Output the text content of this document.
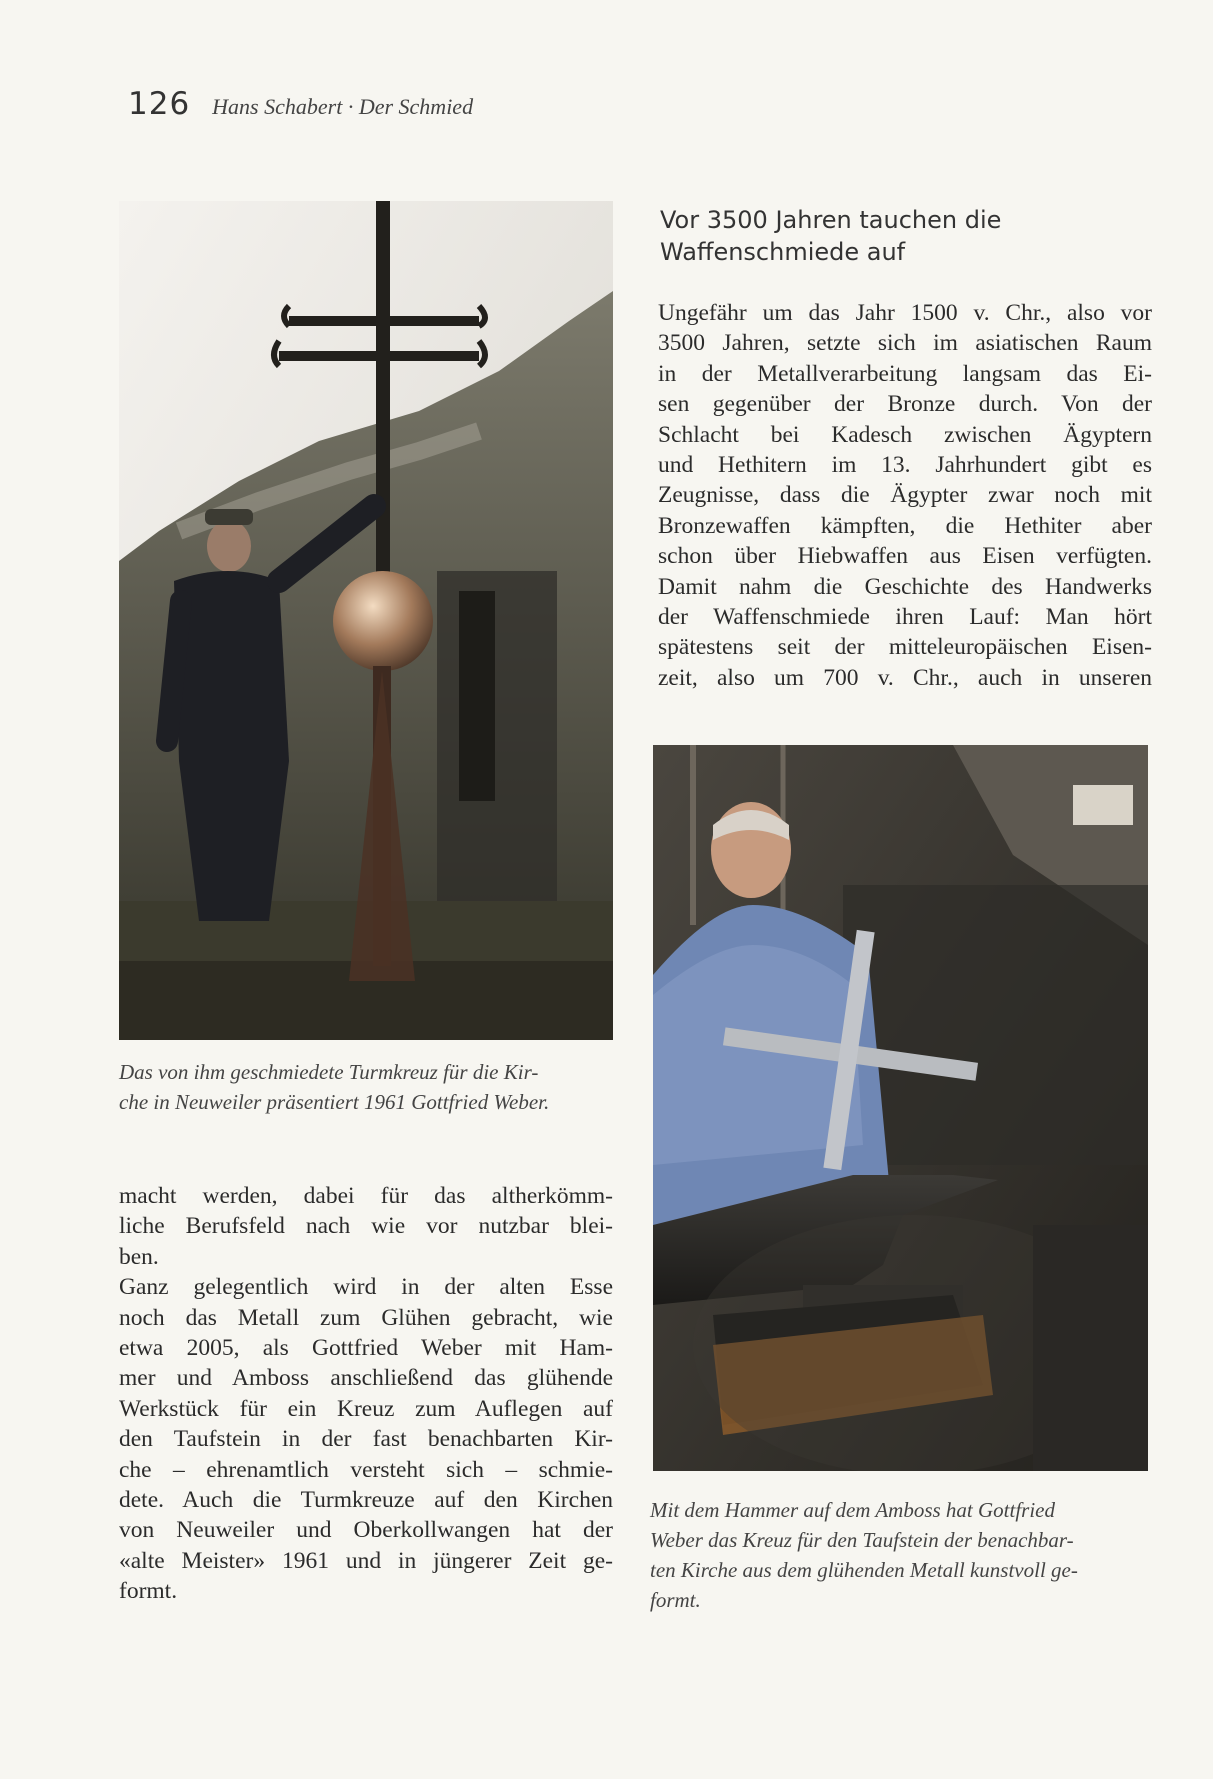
126 Hans Schabert · Der Schmied
Das von ihm geschmiedete Turmkreuz für die Kir-
che in Neuweiler präsentiert 1961 Gottfried Weber.
Vor 3500 Jahren tauchen die
Waffenschmiede auf
Ungefähr um das Jahr 1500 v. Chr., also vor
3500 Jahren, setzte sich im asiatischen Raum
in der Metallverarbeitung langsam das Ei-
sen gegenüber der Bronze durch. Von der
Schlacht bei Kadesch zwischen Ägyptern
und Hethitern im 13. Jahrhundert gibt es
Zeugnisse, dass die Ägypter zwar noch mit
Bronzewaffen kämpften, die Hethiter aber
schon über Hiebwaffen aus Eisen verfügten.
Damit nahm die Geschichte des Handwerks
der Waffenschmiede ihren Lauf: Man hört
spätestens seit der mitteleuropäischen Eisen-
zeit, also um 700 v. Chr., auch in unseren
Mit dem Hammer auf dem Amboss hat Gottfried
Weber das Kreuz für den Taufstein der benachbar-
ten Kirche aus dem glühenden Metall kunstvoll ge-
formt.
macht werden, dabei für das altherkömm-
liche Berufsfeld nach wie vor nutzbar blei-
ben.
Ganz gelegentlich wird in der alten Esse
noch das Metall zum Glühen gebracht, wie
etwa 2005, als Gottfried Weber mit Ham-
mer und Amboss anschließend das glühende
Werkstück für ein Kreuz zum Auflegen auf
den Taufstein in der fast benachbarten Kir-
che – ehrenamtlich versteht sich – schmie-
dete. Auch die Turmkreuze auf den Kirchen
von Neuweiler und Oberkollwangen hat der
«alte Meister» 1961 und in jüngerer Zeit ge-
formt.
